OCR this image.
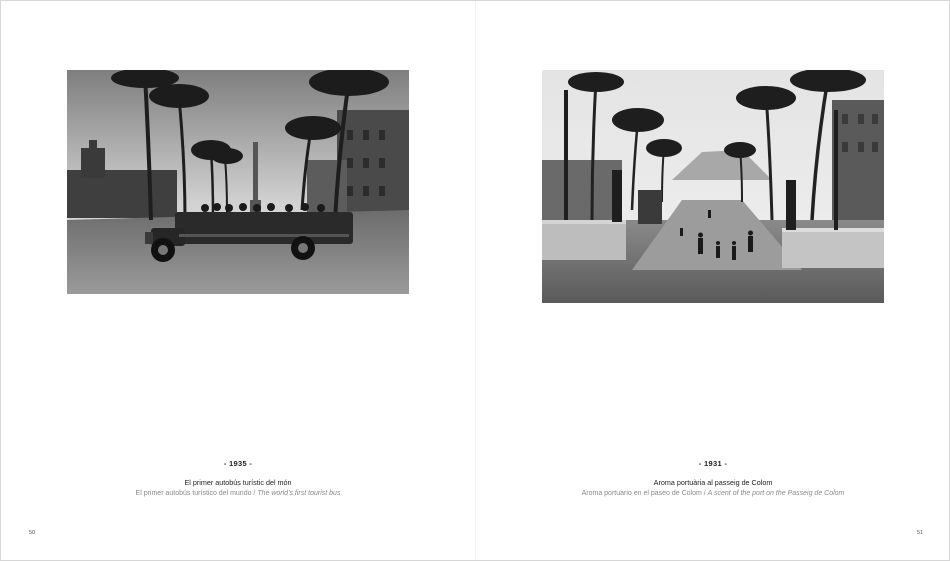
- 1935 -
El primer autobús turístic del món
El primer autobús turístico del mundo / The world’s first tourist bus
- 1931 -
Aroma portuària al passeig de Colom
Aroma portuario en el paseo de Colom / A scent of the port on the Passeig de Colom
50	51
